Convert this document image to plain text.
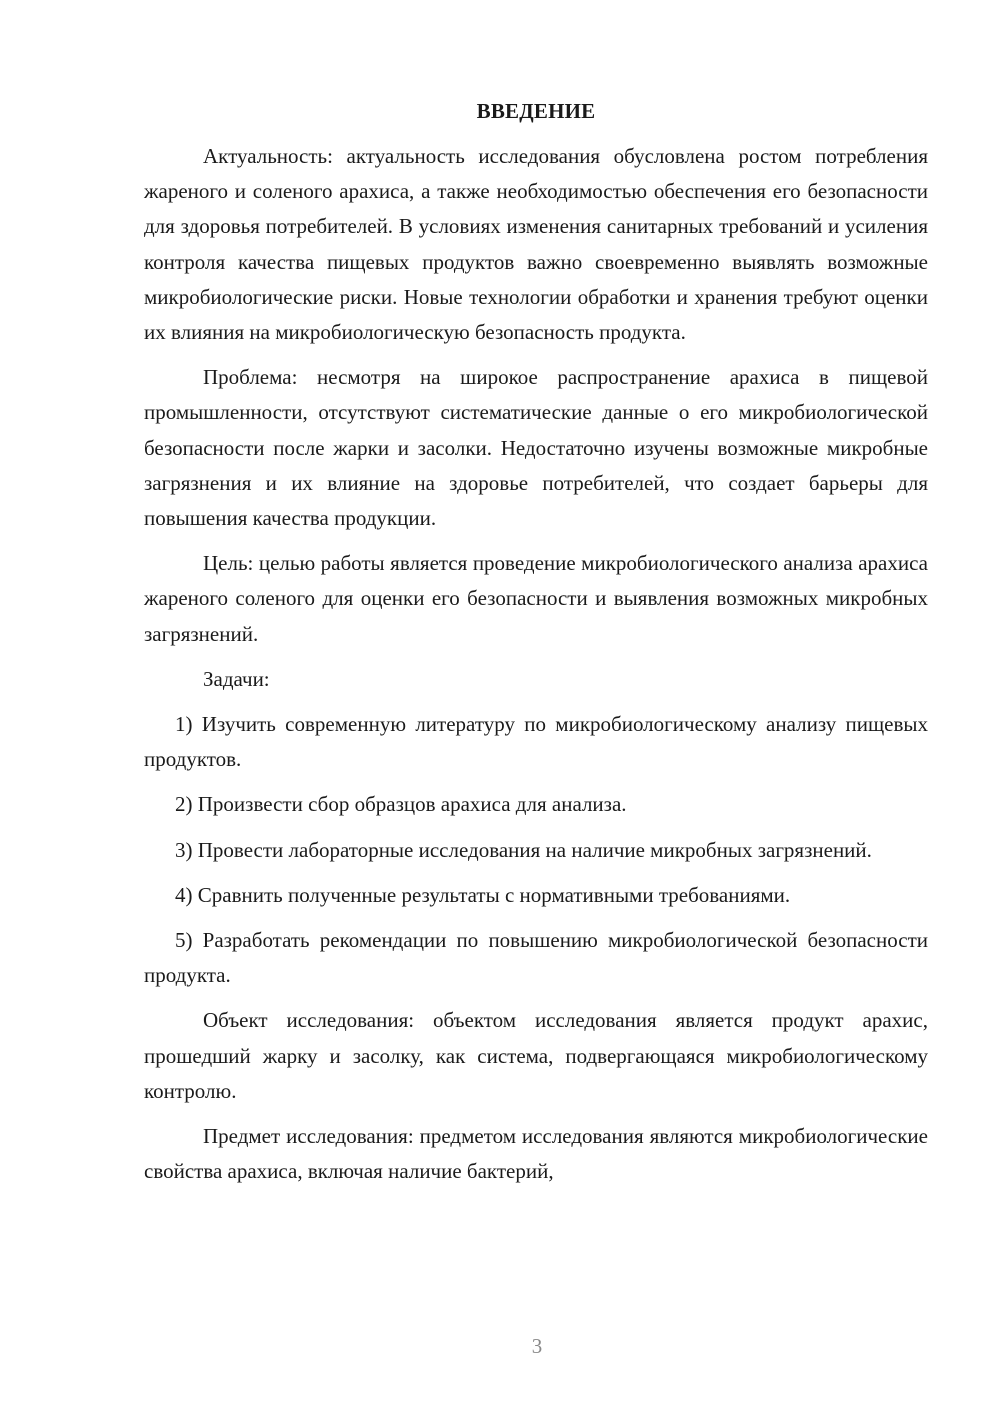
ВВЕДЕНИЕ

Актуальность: актуальность исследования обусловлена ростом потребления жареного и соленого арахиса, а также необходимостью обеспечения его безопасности для здоровья потребителей. В условиях изменения санитарных требований и усиления контроля качества пищевых продуктов важно своевременно выявлять возможные микробиологические риски. Новые технологии обработки и хранения требуют оценки их влияния на микробиологическую безопасность продукта.

Проблема: несмотря на широкое распространение арахиса в пищевой промышленности, отсутствуют систематические данные о его микробиологической безопасности после жарки и засолки. Недостаточно изучены возможные микробные загрязнения и их влияние на здоровье потребителей, что создает барьеры для повышения качества продукции.

Цель: целью работы является проведение микробиологического анализа арахиса жареного соленого для оценки его безопасности и выявления возможных микробных загрязнений.

Задачи:

1) Изучить современную литературу по микробиологическому анализу пищевых продуктов.

2) Произвести сбор образцов арахиса для анализа.

3) Провести лабораторные исследования на наличие микробных загрязнений.

4) Сравнить полученные результаты с нормативными требованиями.

5) Разработать рекомендации по повышению микробиологической безопасности продукта.

Объект исследования: объектом исследования является продукт арахис, прошедший жарку и засолку, как система, подвергающаяся микробиологическому контролю.

Предмет исследования: предметом исследования являются микробиологические свойства арахиса, включая наличие бактерий,

3
